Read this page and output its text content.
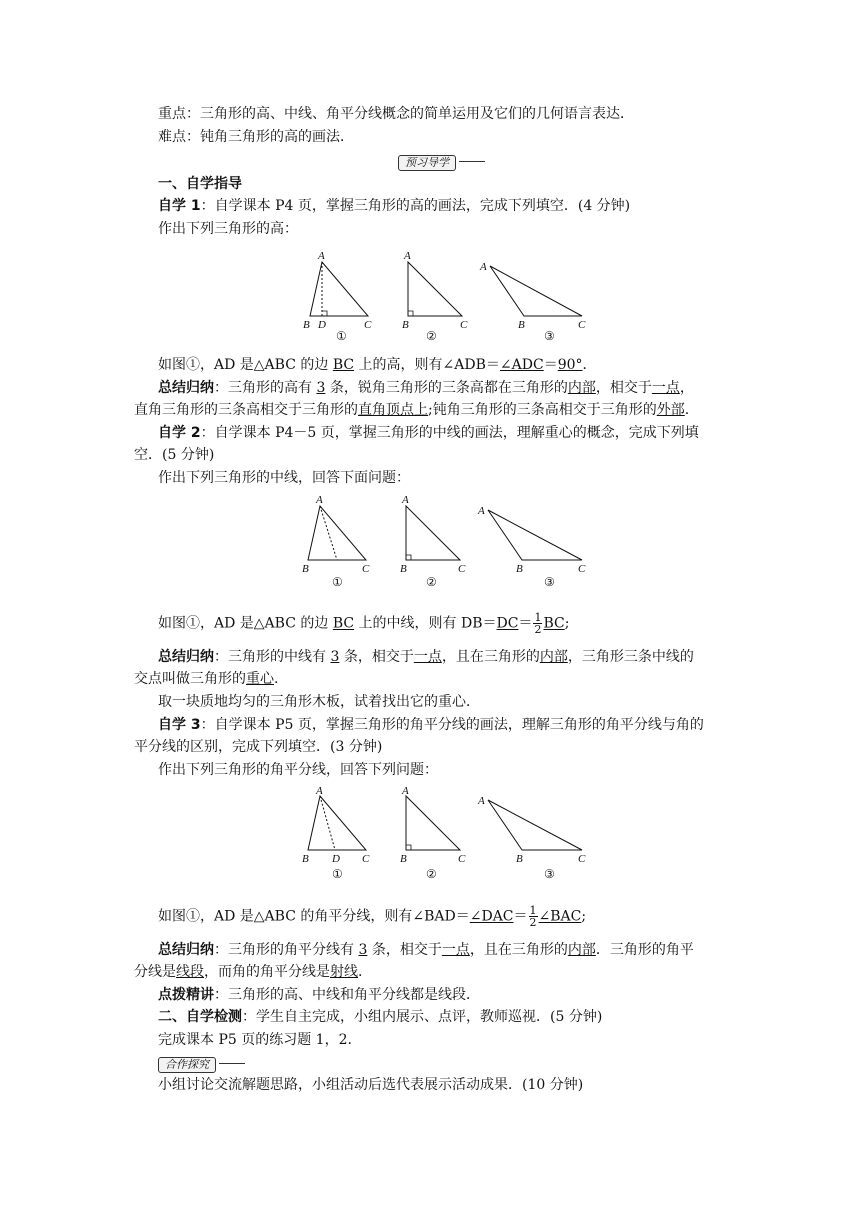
重点：三角形的高、中线、角平分线概念的简单运用及它们的几何语言表达．
难点：钝角三角形的高的画法．
预习导学
一、自学指导
自学 1：自学课本 P4 页，掌握三角形的高的画法，完成下列填空．(4 分钟)
作出下列三角形的高：
A
B D	C
①
A
B	C
②
A
B	C
③
如图①，AD 是△ABC 的边 BC 上的高，则有∠ADB＝∠ADC＝90°．
总结归纳：三角形的高有 3 条，锐角三角形的三条高都在三角形的内部，相交于一点，
直角三角形的三条高相交于三角形的直角顶点上;钝角三角形的三条高相交于三角形的外部.
自学 2：自学课本 P4－5 页，掌握三角形的中线的画法，理解重心的概念，完成下列填
空．(5 分钟)
作出下列三角形的中线，回答下面问题：
A
B	C
①
A
B	C
②
A
B	C
③
如图①，AD 是△ABC 的边 BC 上的中线，则有 $DB=DC= \frac{1}{2}$ BC;
总结归纳：三角形的中线有 3 条，相交于一点，且在三角形的内部，三角形三条中线的
交点叫做三角形的重心.
取一块质地均匀的三角形木板，试着找出它的重心．
自学 3：自学课本 P5 页，掌握三角形的角平分线的画法，理解三角形的角平分线与角的
平分线的区别，完成下列填空．(3 分钟)
作出下列三角形的角平分线，回答下列问题：
A
B D C
①
A
B	C
②
A
B	C
③
如图①，AD 是△ABC 的角平分线，则有∠BAD＝∠DAC＝ $\frac{1}{2}$ ∠BAC;
总结归纳：三角形的角平分线有 3 条，相交于一点，且在三角形的内部．三角形的角平
分线是线段，而角的角平分线是射线.
点拨精讲：三角形的高、中线和角平分线都是线段．
二、自学检测：学生自主完成，小组内展示、点评，教师巡视．(5 分钟)
完成课本 P5 页的练习题 1，2.
合作探究
小组讨论交流解题思路，小组活动后选代表展示活动成果．(10 分钟)
